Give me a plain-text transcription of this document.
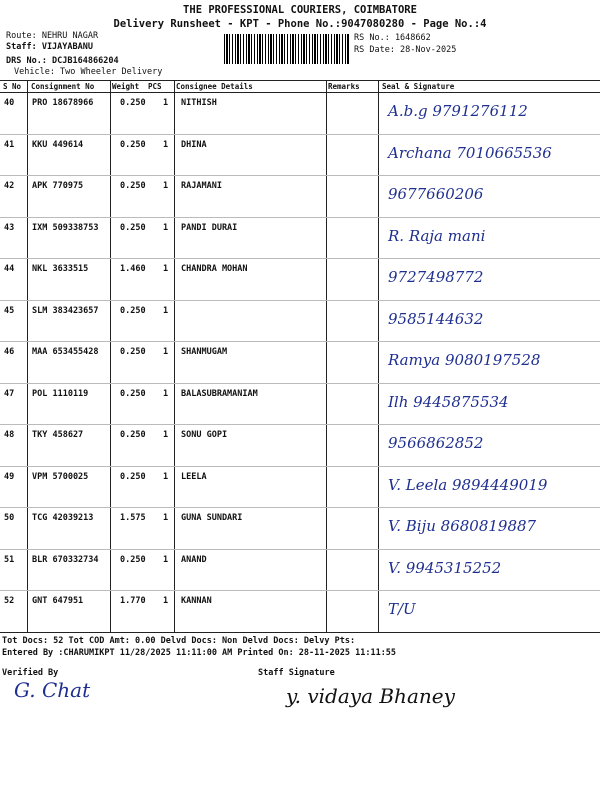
THE PROFESSIONAL COURIERS, COIMBATORE
Delivery Runsheet - KPT - Phone No.:9047080280 - Page No.:4
Route: NEHRU NAGAR
Staff: VIJAYABANU
DRS No.: DCJB164866204
Vehicle: Two Wheeler Delivery
RS No.: 1648662
RS Date: 28-Nov-2025
S No Consignment No Weight PCS Consignee Details	Remarks	Seal & Signature
40 PRO 18678966	0.250 1 NITHISH	A.b.g 9791276112
41 KKU 449614	0.250 1 DHINA	Archana 7010665536
42 APK 770975	0.250 1 RAJAMANI	9677660206
43 IXM 509338753	0.250 1 PANDI DURAI	R. Raja mani
44 NKL 3633515	1.460 1 CHANDRA MOHAN	9727498772
45 SLM 383423657	0.250 1	9585144632
46 MAA 653455428	0.250 1 SHANMUGAM	Ramya 9080197528
47 POL 1110119	0.250 1 BALASUBRAMANIAM	Ilh 9445875534
48 TKY 458627	0.250 1 SONU GOPI	9566862852
49 VPM 5700025	0.250 1 LEELA	V. Leela 9894449019
50 TCG 42039213	1.575 1 GUNA SUNDARI	V. Biju 8680819887
51 BLR 670332734	0.250 1 ANAND	V. 9945315252
52 GNT 647951	1.770 1 KANNAN	T/U
Tot Docs: 52 Tot COD Amt: 0.00 Delvd Docs: Non Delvd Docs: Delvy Pts:
Entered By :CHARUMIKPT 11/28/2025 11:11:00 AM Printed On: 28-11-2025 11:11:55
Verified By	Staff Signature
G. Chat	y. vidaya Bhaney
